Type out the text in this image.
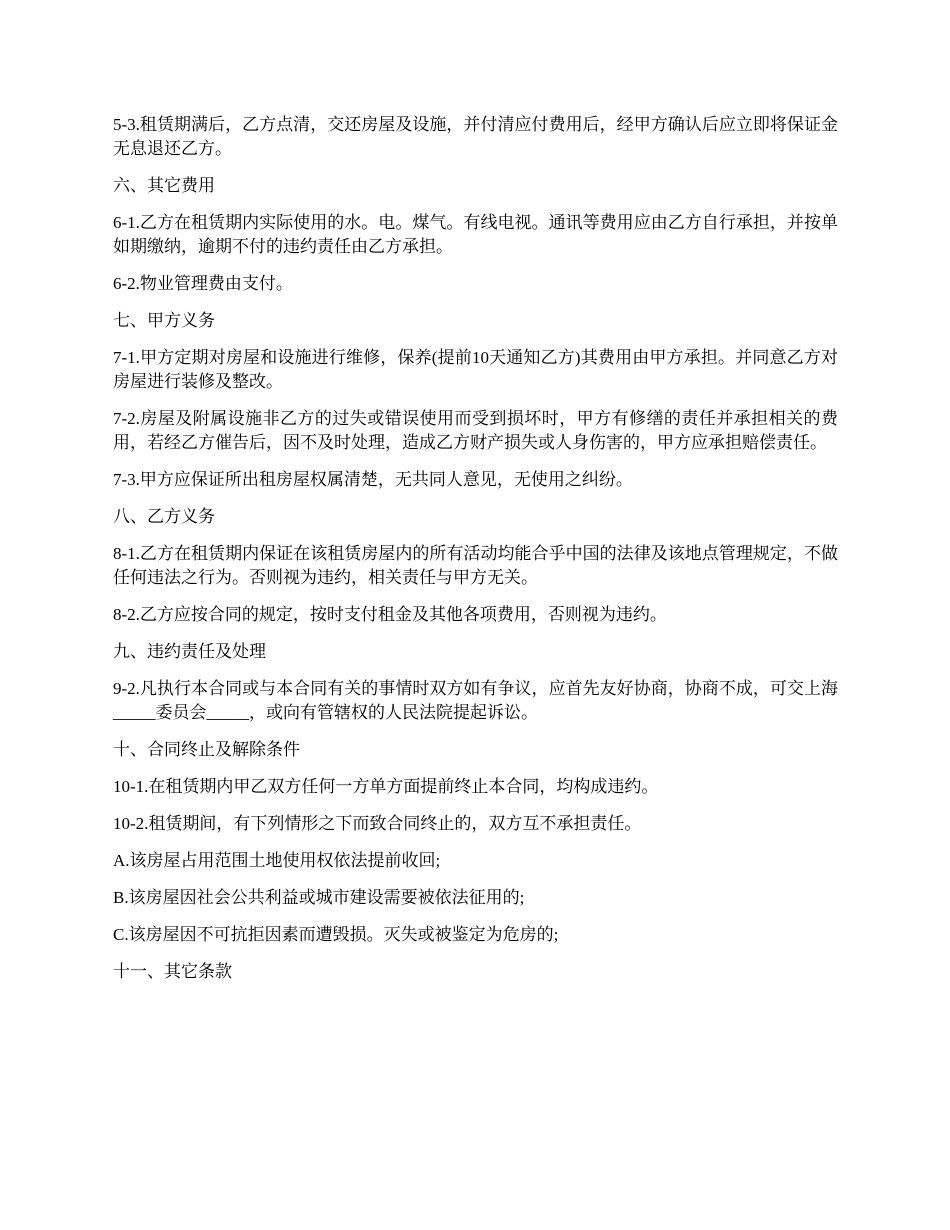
5-3.租赁期满后，乙方点清，交还房屋及设施，并付清应付费用后，经甲方确认后应立即将保证金无息退还乙方。

六、其它费用

6-1.乙方在租赁期内实际使用的水。电。煤气。有线电视。通讯等费用应由乙方自行承担，并按单如期缴纳，逾期不付的违约责任由乙方承担。

6-2.物业管理费由支付。

七、甲方义务

7-1.甲方定期对房屋和设施进行维修，保养(提前10天通知乙方)其费用由甲方承担。并同意乙方对房屋进行装修及整改。

7-2.房屋及附属设施非乙方的过失或错误使用而受到损坏时，甲方有修缮的责任并承担相关的费用，若经乙方催告后，因不及时处理，造成乙方财产损失或人身伤害的，甲方应承担赔偿责任。

7-3.甲方应保证所出租房屋权属清楚，无共同人意见，无使用之纠纷。

八、乙方义务

8-1.乙方在租赁期内保证在该租赁房屋内的所有活动均能合乎中国的法律及该地点管理规定，不做任何违法之行为。否则视为违约，相关责任与甲方无关。

8-2.乙方应按合同的规定，按时支付租金及其他各项费用，否则视为违约。

九、违约责任及处理

9-2.凡执行本合同或与本合同有关的事情时双方如有争议，应首先友好协商，协商不成，可交上海_____委员会_____，或向有管辖权的人民法院提起诉讼。

十、合同终止及解除条件

10-1.在租赁期内甲乙双方任何一方单方面提前终止本合同，均构成违约。

10-2.租赁期间，有下列情形之下而致合同终止的，双方互不承担责任。

A.该房屋占用范围土地使用权依法提前收回;

B.该房屋因社会公共利益或城市建设需要被依法征用的;

C.该房屋因不可抗拒因素而遭毁损。灭失或被鉴定为危房的;

十一、其它条款
